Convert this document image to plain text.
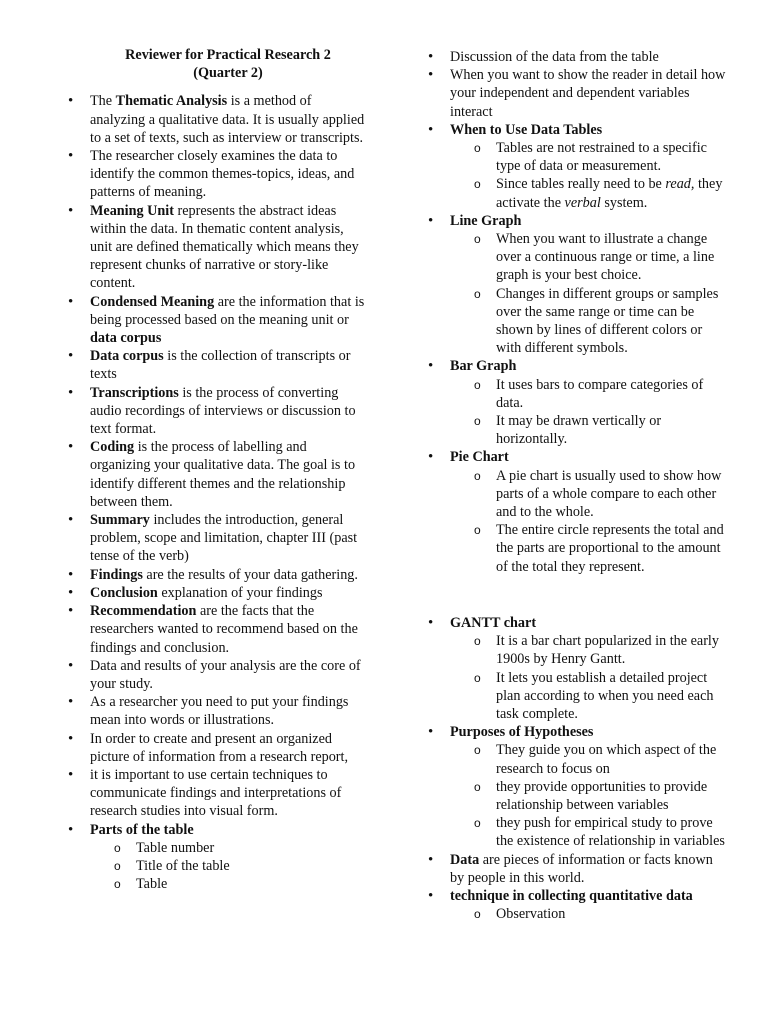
Reviewer for Practical Research 2
(Quarter 2)
• The Thematic Analysis is a method of analyzing a qualitative data. It is usually applied to a set of texts, such as interview or transcripts.
• The researcher closely examines the data to identify the common themes-topics, ideas, and patterns of meaning.
• Meaning Unit represents the abstract ideas within the data. In thematic content analysis, unit are defined thematically which means they represent chunks of narrative or story-like content.
• Condensed Meaning are the information that is being processed based on the meaning unit or data corpus
• Data corpus is the collection of transcripts or texts
• Transcriptions is the process of converting audio recordings of interviews or discussion to text format.
• Coding is the process of labelling and organizing your qualitative data. The goal is to identify different themes and the relationship between them.
• Summary includes the introduction, general problem, scope and limitation, chapter III (past tense of the verb)
• Findings are the results of your data gathering.
• Conclusion explanation of your findings
• Recommendation are the facts that the researchers wanted to recommend based on the findings and conclusion.
• Data and results of your analysis are the core of your study.
• As a researcher you need to put your findings mean into words or illustrations.
• In order to create and present an organized picture of information from a research report,
• it is important to use certain techniques to communicate findings and interpretations of research studies into visual form.
• Parts of the table
o Table number
o Title of the table
o Table
• Discussion of the data from the table
• When you want to show the reader in detail how your independent and dependent variables interact
• When to Use Data Tables
o Tables are not restrained to a specific type of data or measurement.
o Since tables really need to be read, they activate the verbal system.
• Line Graph
o When you want to illustrate a change over a continuous range or time, a line graph is your best choice.
o Changes in different groups or samples over the same range or time can be shown by lines of different colors or with different symbols.
• Bar Graph
o It uses bars to compare categories of data.
o It may be drawn vertically or horizontally.
• Pie Chart
o A pie chart is usually used to show how parts of a whole compare to each other and to the whole.
o The entire circle represents the total and the parts are proportional to the amount of the total they represent.
• GANTT chart
o It is a bar chart popularized in the early 1900s by Henry Gantt.
o It lets you establish a detailed project plan according to when you need each task complete.
• Purposes of Hypotheses
o They guide you on which aspect of the research to focus on
o they provide opportunities to provide relationship between variables
o they push for empirical study to prove the existence of relationship in variables
• Data are pieces of information or facts known by people in this world.
• technique in collecting quantitative data
o Observation
